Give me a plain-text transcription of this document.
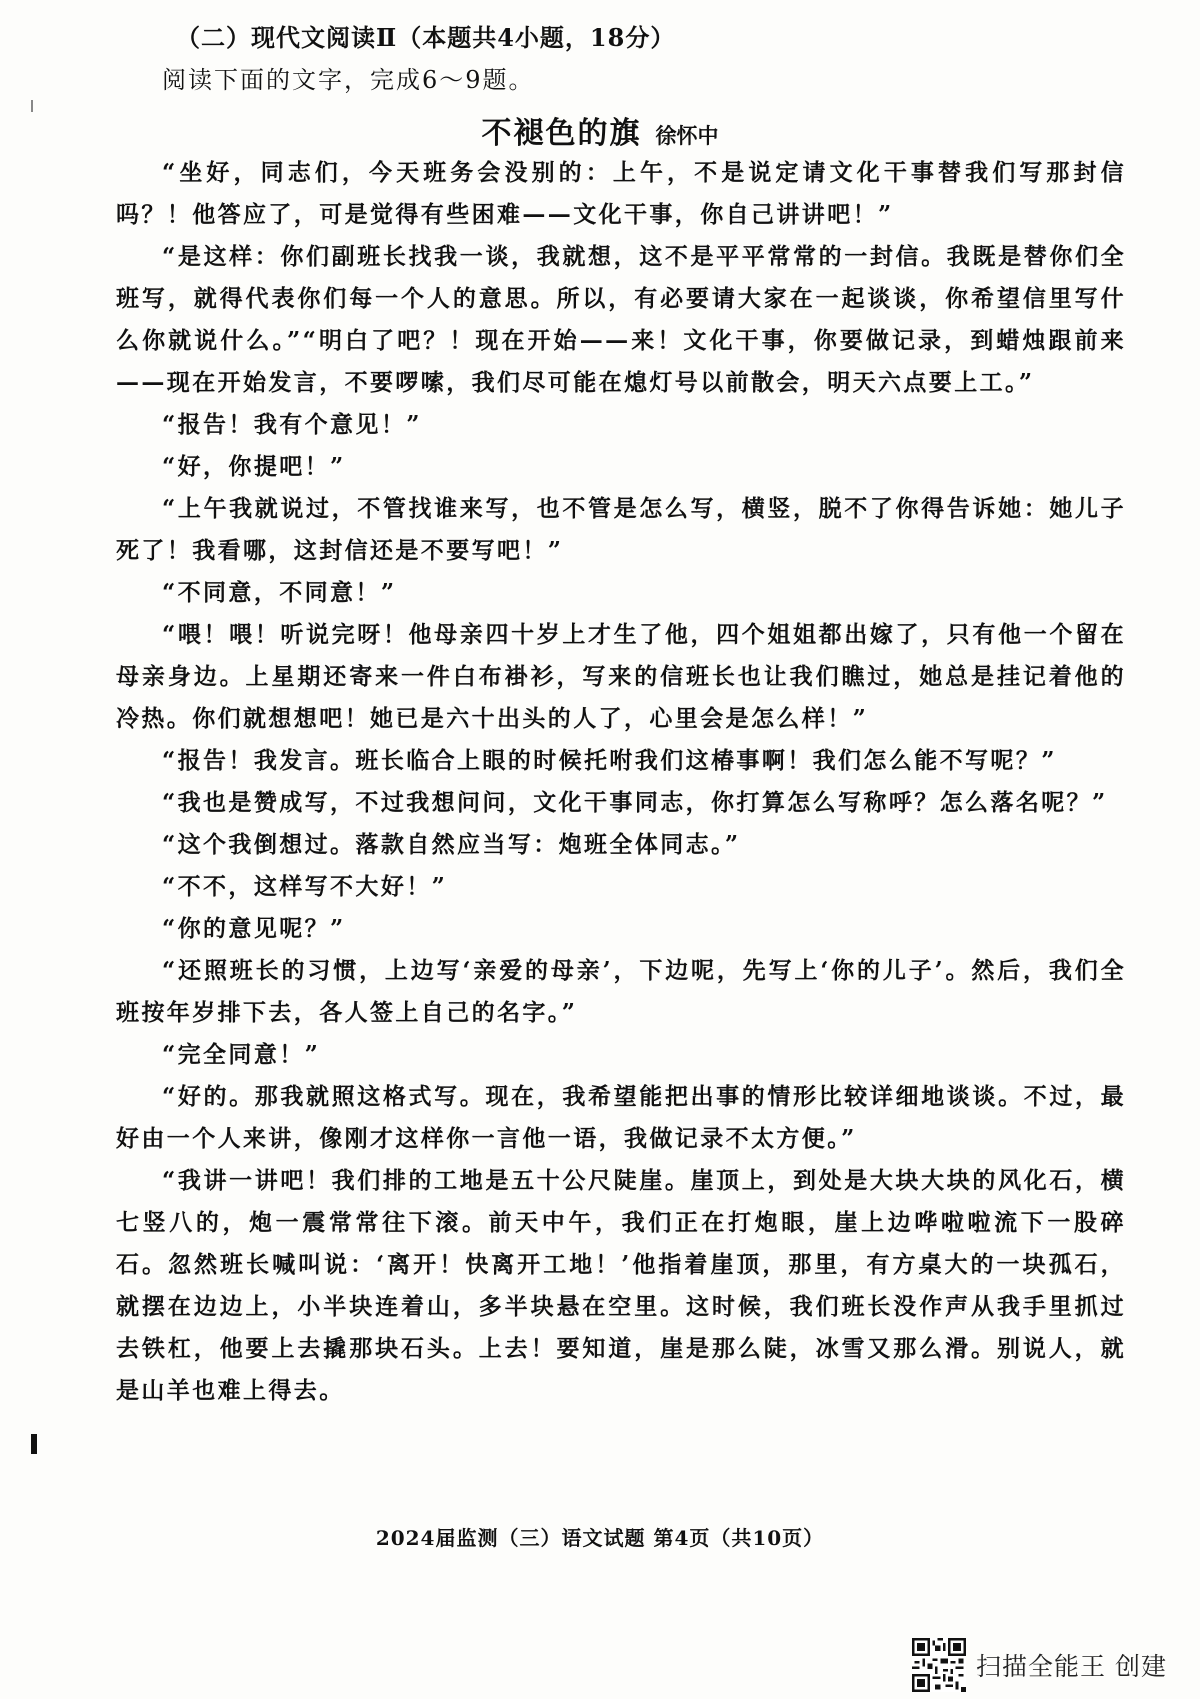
（二）现代文阅读Ⅱ（本题共4小题，18分）
阅读下面的文字，完成6～9题。
不褪色的旗 徐怀中

“坐好，同志们，今天班务会没别的：上午，不是说定请文化干事替我们写那封信吗？！他答应了，可是觉得有些困难——文化干事，你自己讲讲吧！”

“是这样：你们副班长找我一谈，我就想，这不是平平常常的一封信。我既是替你们全班写，就得代表你们每一个人的意思。所以，有必要请大家在一起谈谈，你希望信里写什么你就说什么。”“明白了吧？！现在开始——来！文化干事，你要做记录，到蜡烛跟前来——现在开始发言，不要啰嗦，我们尽可能在熄灯号以前散会，明天六点要上工。”

“报告！我有个意见！”

“好，你提吧！”

“上午我就说过，不管找谁来写，也不管是怎么写，横竖，脱不了你得告诉她：她儿子死了！我看哪，这封信还是不要写吧！”

“不同意，不同意！”

“喂！喂！听说完呀！他母亲四十岁上才生了他，四个姐姐都出嫁了，只有他一个留在母亲身边。上星期还寄来一件白布褂衫，写来的信班长也让我们瞧过，她总是挂记着他的冷热。你们就想想吧！她已是六十出头的人了，心里会是怎么样！”

“报告！我发言。班长临合上眼的时候托咐我们这椿事啊！我们怎么能不写呢？”

“我也是赞成写，不过我想问问，文化干事同志，你打算怎么写称呼？怎么落名呢？”

“这个我倒想过。落款自然应当写：炮班全体同志。”

“不不，这样写不大好！”

“你的意见呢？”

“还照班长的习惯，上边写‘亲爱的母亲’，下边呢，先写上‘你的儿子’。然后，我们全班按年岁排下去，各人签上自己的名字。”

“完全同意！”

“好的。那我就照这格式写。现在，我希望能把出事的情形比较详细地谈谈。不过，最好由一个人来讲，像刚才这样你一言他一语，我做记录不太方便。”

“我讲一讲吧！我们排的工地是五十公尺陡崖。崖顶上，到处是大块大块的风化石，横七竖八的，炮一震常常往下滚。前天中午，我们正在打炮眼，崖上边哗啦啦流下一股碎石。忽然班长喊叫说：‘离开！快离开工地！’他指着崖顶，那里，有方桌大的一块孤石，就摆在边边上，小半块连着山，多半块悬在空里。这时候，我们班长没作声从我手里抓过去铁杠，他要上去撬那块石头。上去！要知道，崖是那么陡，冰雪又那么滑。别说人，就是山羊也难上得去。

2024届监测（三）语文试题 第4页（共10页）
扫描全能王 创建
